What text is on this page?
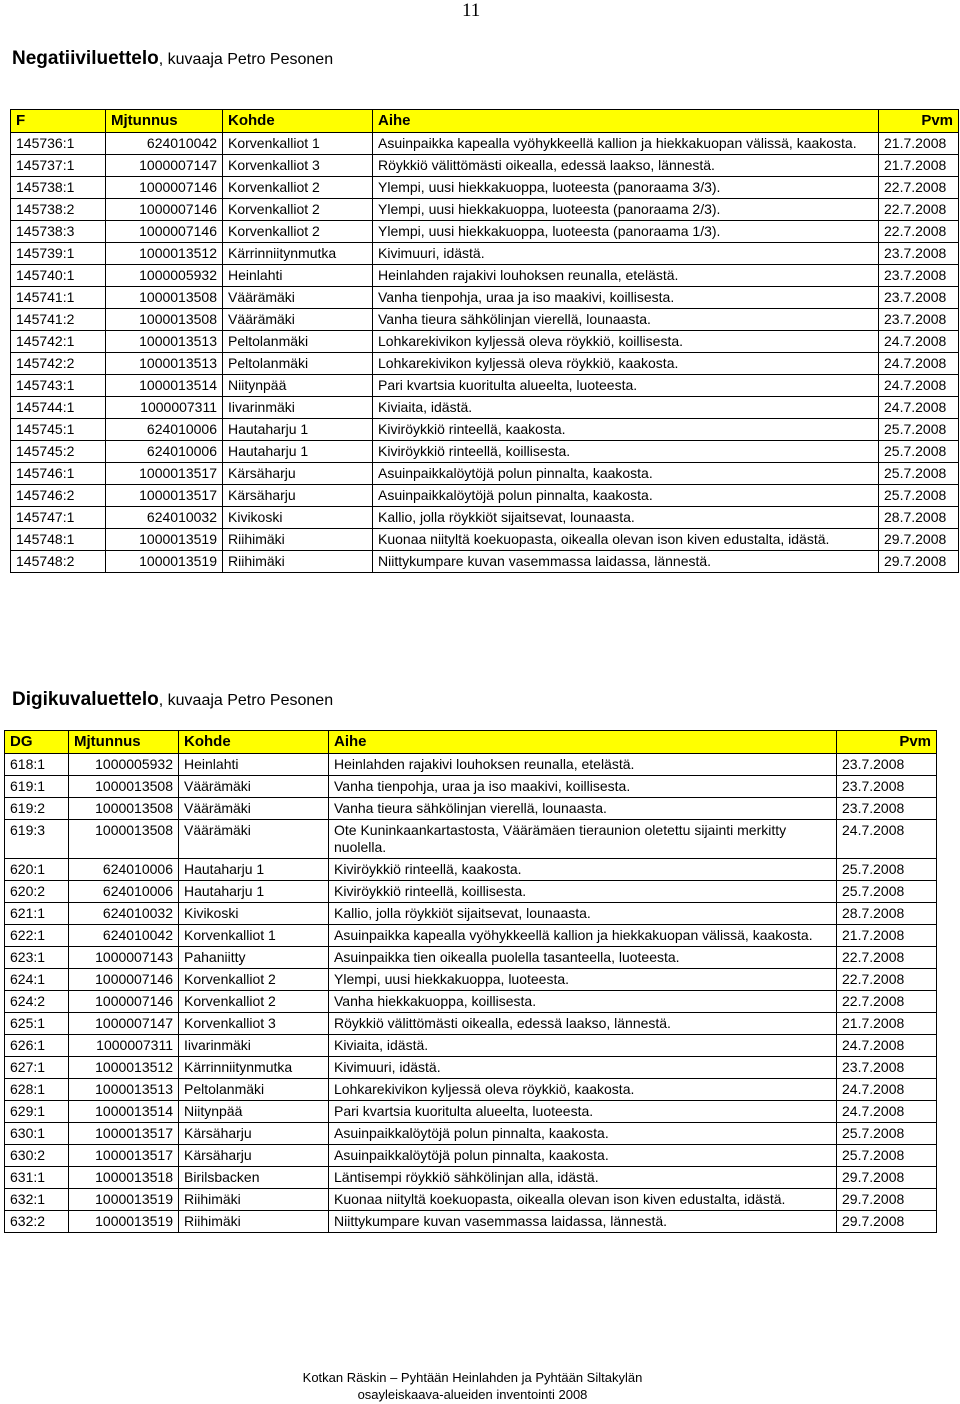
11
Negatiiviluettelo, kuvaaja Petro Pesonen
F	Mjtunnus	Kohde	Aihe	Pvm
145736:1	624010042	Korvenkalliot 1	Asuinpaikka kapealla vyöhykkeellä kallion ja hiekkakuopan välissä, kaakosta.	21.7.2008
145737:1	1000007147	Korvenkalliot 3	Röykkiö välittömästi oikealla, edessä laakso, lännestä.	21.7.2008
145738:1	1000007146	Korvenkalliot 2	Ylempi, uusi hiekkakuoppa, luoteesta (panoraama 3/3).	22.7.2008
145738:2	1000007146	Korvenkalliot 2	Ylempi, uusi hiekkakuoppa, luoteesta (panoraama 2/3).	22.7.2008
145738:3	1000007146	Korvenkalliot 2	Ylempi, uusi hiekkakuoppa, luoteesta (panoraama 1/3).	22.7.2008
145739:1	1000013512	Kärrinniitynmutka	Kivimuuri, idästä.	23.7.2008
145740:1	1000005932	Heinlahti	Heinlahden rajakivi louhoksen reunalla, etelästä.	23.7.2008
145741:1	1000013508	Väärämäki	Vanha tienpohja, uraa ja iso maakivi, koillisesta.	23.7.2008
145741:2	1000013508	Väärämäki	Vanha tieura sähkölinjan vierellä, lounaasta.	23.7.2008
145742:1	1000013513	Peltolanmäki	Lohkarekivikon kyljessä oleva röykkiö, koillisesta.	24.7.2008
145742:2	1000013513	Peltolanmäki	Lohkarekivikon kyljessä oleva röykkiö, kaakosta.	24.7.2008
145743:1	1000013514	Niitynpää	Pari kvartsia kuoritulta alueelta, luoteesta.	24.7.2008
145744:1	1000007311	Iivarinmäki	Kiviaita, idästä.	24.7.2008
145745:1	624010006	Hautaharju 1	Kiviröykkiö rinteellä, kaakosta.	25.7.2008
145745:2	624010006	Hautaharju 1	Kiviröykkiö rinteellä, koillisesta.	25.7.2008
145746:1	1000013517	Kärsäharju	Asuinpaikkalöytöjä polun pinnalta, kaakosta.	25.7.2008
145746:2	1000013517	Kärsäharju	Asuinpaikkalöytöjä polun pinnalta, kaakosta.	25.7.2008
145747:1	624010032	Kivikoski	Kallio, jolla röykkiöt sijaitsevat, lounaasta.	28.7.2008
145748:1	1000013519	Riihimäki	Kuonaa niityltä koekuopasta, oikealla olevan ison kiven edustalta, idästä.	29.7.2008
145748:2	1000013519	Riihimäki	Niittykumpare kuvan vasemmassa laidassa, lännestä.	29.7.2008
Digikuvaluettelo, kuvaaja Petro Pesonen
DG	Mjtunnus	Kohde	Aihe	Pvm
618:1	1000005932	Heinlahti	Heinlahden rajakivi louhoksen reunalla, etelästä.	23.7.2008
619:1	1000013508	Väärämäki	Vanha tienpohja, uraa ja iso maakivi, koillisesta.	23.7.2008
619:2	1000013508	Väärämäki	Vanha tieura sähkölinjan vierellä, lounaasta.	23.7.2008
619:3	1000013508	Väärämäki	Ote Kuninkaankartastosta, Väärämäen tieraunion oletettu sijainti merkitty nuolella.	24.7.2008
620:1	624010006	Hautaharju 1	Kiviröykkiö rinteellä, kaakosta.	25.7.2008
620:2	624010006	Hautaharju 1	Kiviröykkiö rinteellä, koillisesta.	25.7.2008
621:1	624010032	Kivikoski	Kallio, jolla röykkiöt sijaitsevat, lounaasta.	28.7.2008
622:1	624010042	Korvenkalliot 1	Asuinpaikka kapealla vyöhykkeellä kallion ja hiekkakuopan välissä, kaakosta.	21.7.2008
623:1	1000007143	Pahaniitty	Asuinpaikka tien oikealla puolella tasanteella, luoteesta.	22.7.2008
624:1	1000007146	Korvenkalliot 2	Ylempi, uusi hiekkakuoppa, luoteesta.	22.7.2008
624:2	1000007146	Korvenkalliot 2	Vanha hiekkakuoppa, koillisesta.	22.7.2008
625:1	1000007147	Korvenkalliot 3	Röykkiö välittömästi oikealla, edessä laakso, lännestä.	21.7.2008
626:1	1000007311	Iivarinmäki	Kiviaita, idästä.	24.7.2008
627:1	1000013512	Kärrinniitynmutka	Kivimuuri, idästä.	23.7.2008
628:1	1000013513	Peltolanmäki	Lohkarekivikon kyljessä oleva röykkiö, kaakosta.	24.7.2008
629:1	1000013514	Niitynpää	Pari kvartsia kuoritulta alueelta, luoteesta.	24.7.2008
630:1	1000013517	Kärsäharju	Asuinpaikkalöytöjä polun pinnalta, kaakosta.	25.7.2008
630:2	1000013517	Kärsäharju	Asuinpaikkalöytöjä polun pinnalta, kaakosta.	25.7.2008
631:1	1000013518	Birilsbacken	Läntisempi röykkiö sähkölinjan alla, idästä.	29.7.2008
632:1	1000013519	Riihimäki	Kuonaa niityltä koekuopasta, oikealla olevan ison kiven edustalta, idästä.	29.7.2008
632:2	1000013519	Riihimäki	Niittykumpare kuvan vasemmassa laidassa, lännestä.	29.7.2008
Kotkan Räskin – Pyhtään Heinlahden ja Pyhtään Siltakylän
osayleiskaava-alueiden inventointi 2008
